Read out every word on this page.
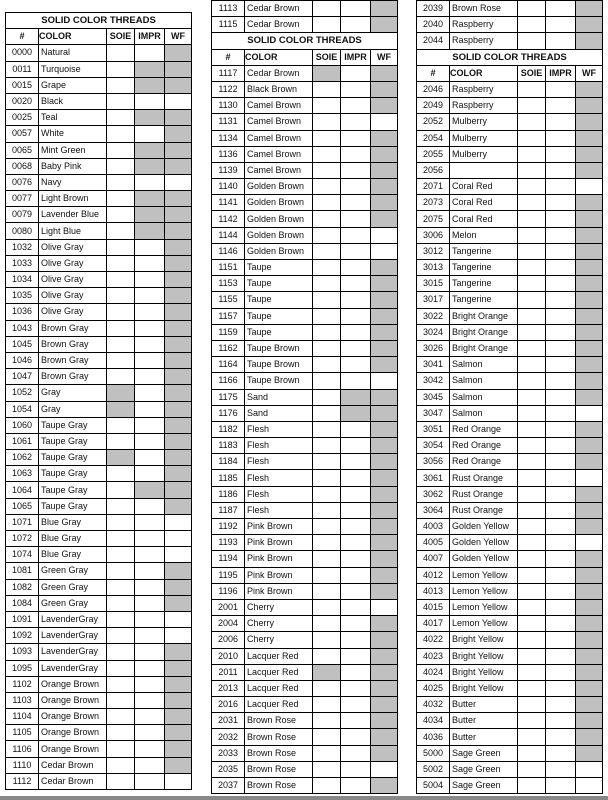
SOLID COLOR THREADS				
#	COLOR	SOIE	IMPR	WF
0000	Natural			
0011	Turquoise			
0015	Grape			
0020	Black			
0025	Teal			
0057	White			
0065	Mint Green			
0068	Baby Pink			
0076	Navy			
0077	Light Brown			
0079	Lavender Blue			
0080	Light Blue			
1032	Olive Gray			
1033	Olive Gray			
1034	Olive Gray			
1035	Olive Gray			
1036	Olive Gray			
1043	Brown Gray			
1045	Brown Gray			
1046	Brown Gray			
1047	Brown Gray			
1052	Gray			
1054	Gray			
1060	Taupe Gray			
1061	Taupe Gray			
1062	Taupe Gray			
1063	Taupe Gray			
1064	Taupe Gray			
1065	Taupe Gray			
1071	Blue Gray			
1072	Blue Gray			
1074	Blue Gray			
1081	Green Gray			
1082	Green Gray			
1084	Green Gray			
1091	LavenderGray			
1092	LavenderGray			
1093	LavenderGray			
1095	LavenderGray			
1102	Orange Brown			
1103	Orange Brown			
1104	Orange Brown			
1105	Orange Brown			
1106	Orange Brown			
1110	Cedar Brown			
1112	Cedar Brown			
1113	Cedar Brown			
1115	Cedar Brown			
SOLID COLOR THREADS				
#	COLOR	SOIE	IMPR	WF
1117	Cedar Brown			
1122	Black Brown			
1130	Camel Brown			
1131	Camel Brown			
1134	Camel Brown			
1136	Camel Brown			
1139	Camel Brown			
1140	Golden Brown			
1141	Golden Brown			
1142	Golden Brown			
1144	Golden Brown			
1146	Golden Brown			
1151	Taupe			
1153	Taupe			
1155	Taupe			
1157	Taupe			
1159	Taupe			
1162	Taupe Brown			
1164	Taupe Brown			
1166	Taupe Brown			
1175	Sand			
1176	Sand			
1182	Flesh			
1183	Flesh			
1184	Flesh			
1185	Flesh			
1186	Flesh			
1187	Flesh			
1192	Pink Brown			
1193	Pink Brown			
1194	Pink Brown			
1195	Pink Brown			
1196	Pink Brown			
2001	Cherry			
2004	Cherry			
2006	Cherry			
2010	Lacquer Red			
2011	Lacquer Red			
2013	Lacquer Red			
2016	Lacquer Red			
2031	Brown Rose			
2032	Brown Rose			
2033	Brown Rose			
2035	Brown Rose			
2037	Brown Rose			
2039	Brown Rose			
2040	Raspberry			
2044	Raspberry			
SOLID COLOR THREADS				
#	COLOR	SOIE	IMPR	WF
2046	Raspberry			
2049	Raspberry			
2052	Mulberry			
2054	Mulberry			
2055	Mulberry			
2056				
2071	Coral Red			
2073	Coral Red			
2075	Coral Red			
3006	Melon			
3012	Tangerine			
3013	Tangerine			
3015	Tangerine			
3017	Tangerine			
3022	Bright Orange			
3024	Bright Orange			
3026	Bright Orange			
3041	Salmon			
3042	Salmon			
3045	Salmon			
3047	Salmon			
3051	Red Orange			
3054	Red Orange			
3056	Red Orange			
3061	Rust Orange			
3062	Rust Orange			
3064	Rust Orange			
4003	Golden Yellow			
4005	Golden Yellow			
4007	Golden Yellow			
4012	Lemon Yellow			
4013	Lemon Yellow			
4015	Lemon Yellow			
4017	Lemon Yellow			
4022	Bright Yellow			
4023	Bright Yellow			
4024	Bright Yellow			
4025	Bright Yellow			
4032	Butter			
4034	Butter			
4036	Butter			
5000	Sage Green			
5002	Sage Green			
5004	Sage Green			
